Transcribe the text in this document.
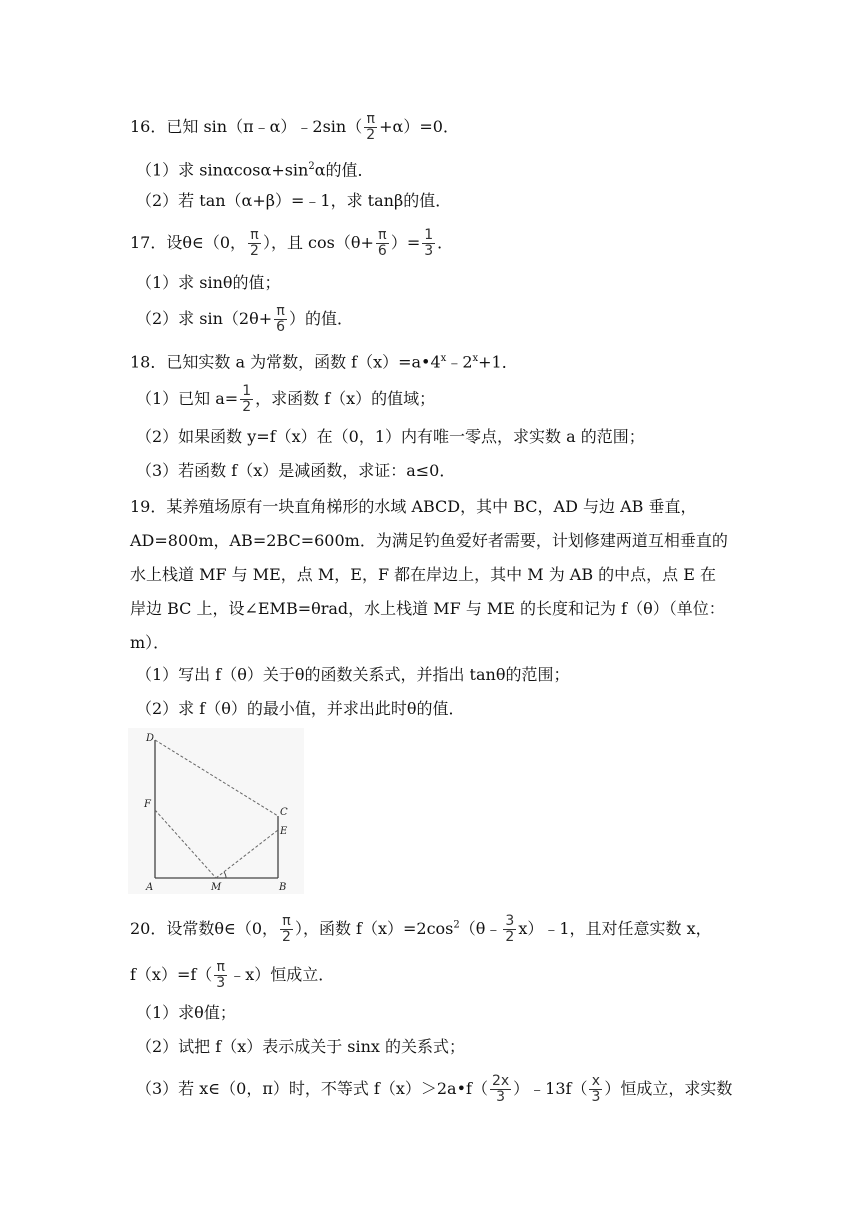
16．已知 sin（π﹣α）﹣2sin（ $\frac{\pi}{2} +\alpha)=0$．
（1）求 $\sin\alpha\cos\alpha+\sin^2\alpha$的值．
（2）若 tan（α+β）=﹣1，求 tanβ的值．
17．设θ∈（0， $\frac{\pi}{2}$ ），且 $\cos(\theta+ \frac{\pi}{6}$ ）= $\frac{1}{3}$ ．
（1）求 sinθ的值；
（2）求 $\sin(2\theta+ \frac{\pi}{6}$ ）的值．
18．已知实数 a 为常数，函数 $f(x)=a•4^x﹣2^x+1$．
（1）已知 $a= \frac{1}{2}$ ，求函数 f（x）的值域；
（2）如果函数 y=f（x）在（0，1）内有唯一零点，求实数 a 的范围；
（3）若函数 f（x）是减函数，求证：a≤0．
19．某养殖场原有一块直角梯形的水域 ABCD，其中 BC，AD 与边 AB 垂直，AD=800m，AB=2BC=600m．为满足钓鱼爱好者需要，计划修建两道互相垂直的水上栈道 MF 与 ME，点 M，E，F 都在岸边上，其中 M 为 AB 的中点，点 E 在岸边 BC 上，设∠EMB=θrad，水上栈道 MF 与 ME 的长度和记为 f（θ）（单位：m）．
（1）写出 f（θ）关于θ的函数关系式，并指出 tanθ的范围；
（2）求 f（θ）的最小值，并求出此时θ的值．
D
F
C
E
A	M	B
20．设常数θ∈（0， $\frac{\pi}{2}$ ），函数 $f(x)=2\cos^2(\theta﹣ \frac{3}{2}$ x）﹣1，且对任意实数 x，
$f(x)=f( \frac{\pi}{3}$ ﹣x）恒成立．
（1）求θ值；
（2）试把 f（x）表示成关于 sinx 的关系式；
（3）若 x∈（0，π）时，不等式 f（x）＞2a•f（ $\frac{2x}{3}$ ）﹣13f（ $\frac{x}{3}$ ）恒成立，求实数
